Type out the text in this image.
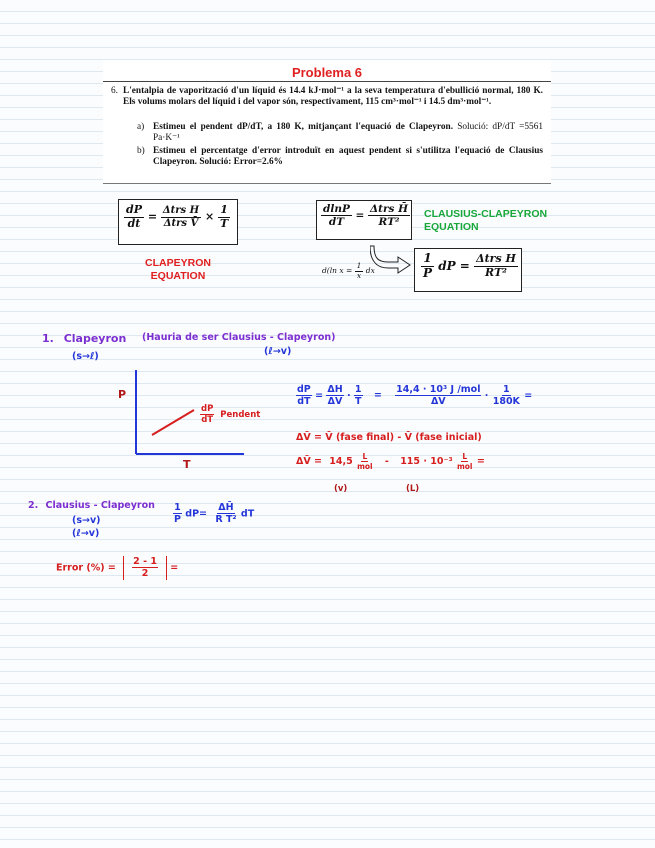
Problema 6
6. L'entalpia de vaporització d'un líquid és 14.4 kJ·mol⁻¹ a la seva temperatura d'ebullició normal, 180 K. Els volums molars del líquid i del vapor són, respectivament, 115 cm³·mol⁻¹ i 14.5 dm³·mol⁻¹.
a) Estimeu el pendent dP/dT, a 180 K, mitjançant l'equació de Clapeyron. Solució: dP/dT =5561 Pa·K⁻¹
b) Estimeu el percentatge d'error introduït en aquest pendent si s'utilitza l'equació de Clausius Clapeyron. Solució: Error=2.6%
$\frac{dP}{dt} = \frac{\text{Δtrs H}}{\text{Δtrs V̄}} \times \frac{1}{T}$
CLAPEYRON
EQUATION
$\frac{dlnP}{dT} = \frac{\text{Δtrs H̄}}{\text{RT²}}$ CLAUSIUS-CLAPEYRON
EQUATION
d(ln $x = \frac{1}{x}$ dx	$\frac{1}{P}$ dP = $\frac{\text{Δtrs H}}{\text{RT²}}$
1. Clapeyron
(s→ℓ)
(Hauria de ser Clausius - Clapeyron)
(ℓ→v)
P
T
$\frac{dP}{dT}$ Pendent
$\frac{dP}{dT} = \frac{\Delta H}{\Delta V̄} \cdot \frac{1}{T}$ =
14,4 · 10³ J /mol
ΔV̄
· $\frac{1}{180K}$ =
ΔV̄ = V̄ (fase final) - V̄ (fase inicial)
ΔV̄ = 14,5 L
mol - 115 · 10⁻³ L
mol =
(v)	(L)
2. Clausius - Clapeyron
(s→v)
(ℓ→v)
$\frac{1}{P} dP= \frac{\Delta H̄}{\text{R T²}}$ dT
Error (%) = $\frac{2 - 1}{2}$ =
